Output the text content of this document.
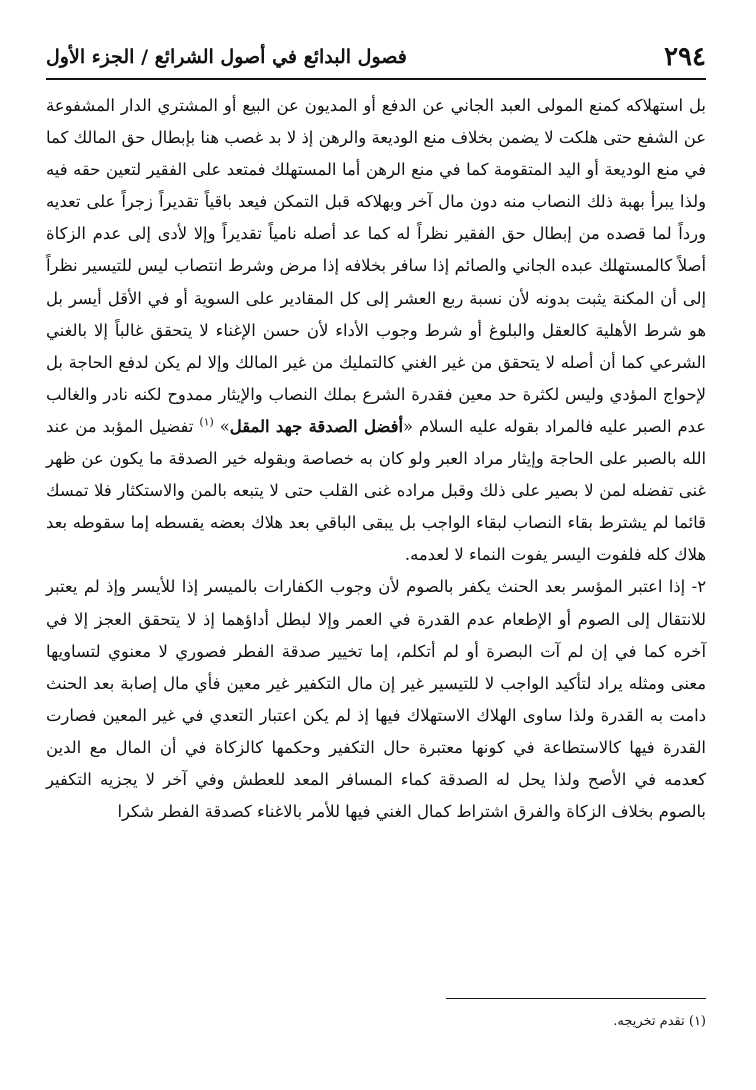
٢٩٤
فصول البدائع في أصول الشرائع / الجزء الأول

بل استهلاكه كمنع المولى العبد الجاني عن الدفع أو المديون عن البيع أو المشتري الدار المشفوعة عن الشفع حتى هلكت لا يضمن بخلاف منع الوديعة والرهن إذ لا بد غصب هنا بإبطال حق المالك كما في منع الوديعة أو اليد المتقومة كما في منع الرهن أما المستهلك فمتعد على الفقير لتعين حقه فيه ولذا يبرأ بهبة ذلك النصاب منه دون مال آخر وبهلاكه قبل التمكن فيعد باقياً تقديراً زجراً على تعديه ورداً لما قصده من إبطال حق الفقير نظراً له كما عد أصله نامياً تقديراً وإلا لأدى إلى عدم الزكاة أصلاً كالمستهلك عبده الجاني والصائم إذا سافر بخلافه إذا مرض وشرط انتصاب ليس للتيسير نظراً إلى أن المكنة يثبت بدونه لأن نسبة ربع العشر إلى كل المقادير على السوية أو في الأقل أيسر بل هو شرط الأهلية كالعقل والبلوغ أو شرط وجوب الأداء لأن حسن الإغناء لا يتحقق غالباً إلا بالغني الشرعي كما أن أصله لا يتحقق من غير الغني كالتمليك من غير المالك وإلا لم يكن لدفع الحاجة بل لإحواج المؤدي وليس لكثرة حد معين فقدرة الشرع بملك النصاب والإيثار ممدوح لكنه نادر والغالب عدم الصبر عليه فالمراد بقوله عليه السلام «أفضل الصدقة جهد المقل» $^{(١)}$ تفضيل المؤبد من عند الله بالصبر على الحاجة وإيثار مراد العبر ولو كان به خصاصة وبقوله خير الصدقة ما يكون عن ظهر غنى تفضله لمن لا بصير على ذلك وقبل مراده غنى القلب حتى لا يتبعه بالمن والاستكثار فلا تمسك قائما لم يشترط بقاء النصاب لبقاء الواجب بل يبقى الباقي بعد هلاك بعضه يقسطه إما سقوطه بعد هلاك كله فلفوت اليسر يفوت النماء لا لعدمه.

٢- إذا اعتبر المؤسر بعد الحنث يكفر بالصوم لأن وجوب الكفارات بالميسر إذا للأيسر وإذ لم يعتبر للانتقال إلى الصوم أو الإطعام عدم القدرة في العمر وإلا لبطل أداؤهما إذ لا يتحقق العجز إلا في آخره كما في إن لم آت البصرة أو لم أتكلم، إما تخيير صدقة الفطر فصوري لا معنوي لتساويها معنى ومثله يراد لتأكيد الواجب لا للتيسير غير إن مال التكفير غير معين فأي مال إصابة بعد الحنث دامت به القدرة ولذا ساوى الهلاك الاستهلاك فيها إذ لم يكن اعتبار التعدي في غير المعين فصارت القدرة فيها كالاستطاعة في كونها معتبرة حال التكفير وحكمها كالزكاة في أن المال مع الدين كعدمه في الأصح ولذا يحل له الصدقة كماء المسافر المعد للعطش وفي آخر لا يجزيه التكفير بالصوم بخلاف الزكاة والفرق اشتراط كمال الغني فيها للأمر بالاغناء كصدقة الفطر شكرا

(١) تقدم تخريجه.
